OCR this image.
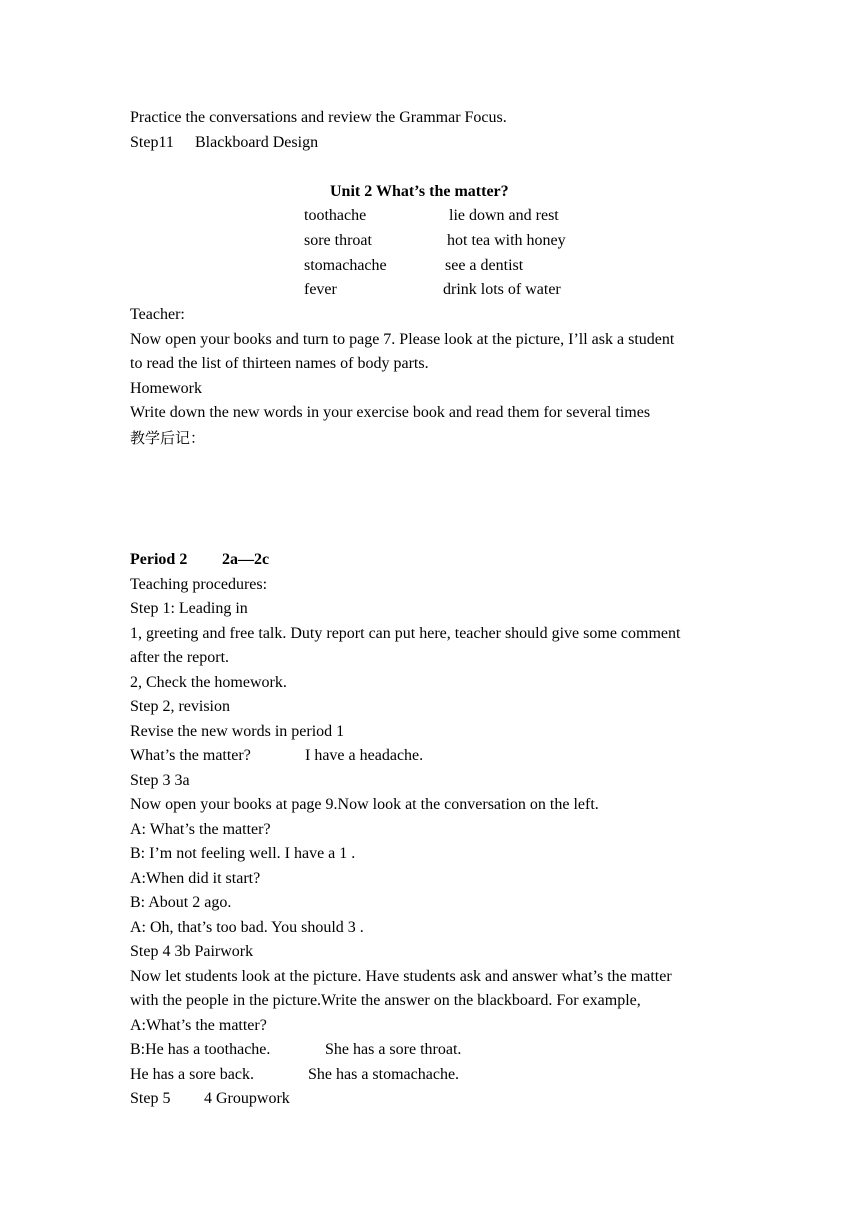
Practice the conversations and review the Grammar Focus.
Step11 Blackboard Design
Unit 2 What’s the matter?
toothache	lie down and rest
sore throat	hot tea with honey
stomachache	see a dentist
fever	drink lots of water
Teacher:
Now open your books and turn to page 7. Please look at the picture, I’ll ask a student
to read the list of thirteen names of body parts.
Homework
Write down the new words in your exercise book and read them for several times
教学后记：
Period 2 2a—2c
Teaching procedures:
Step 1: Leading in
1, greeting and free talk. Duty report can put here, teacher should give some comment
after the report.
2, Check the homework.
Step 2, revision
Revise the new words in period 1
What’s the matter?	I have a headache.
Step 3 3a
Now open your books at page 9.Now look at the conversation on the left.
A: What’s the matter?
B: I’m not feeling well. I have a 1 .
A:When did it start?
B: About 2 ago.
A: Oh, that’s too bad. You should 3 .
Step 4 3b Pairwork
Now let students look at the picture. Have students ask and answer what’s the matter
with the people in the picture.Write the answer on the blackboard. For example,
A:What’s the matter?
B:He has a toothache.	She has a sore throat.
He has a sore back.	She has a stomachache.
Step 5 4 Groupwork
